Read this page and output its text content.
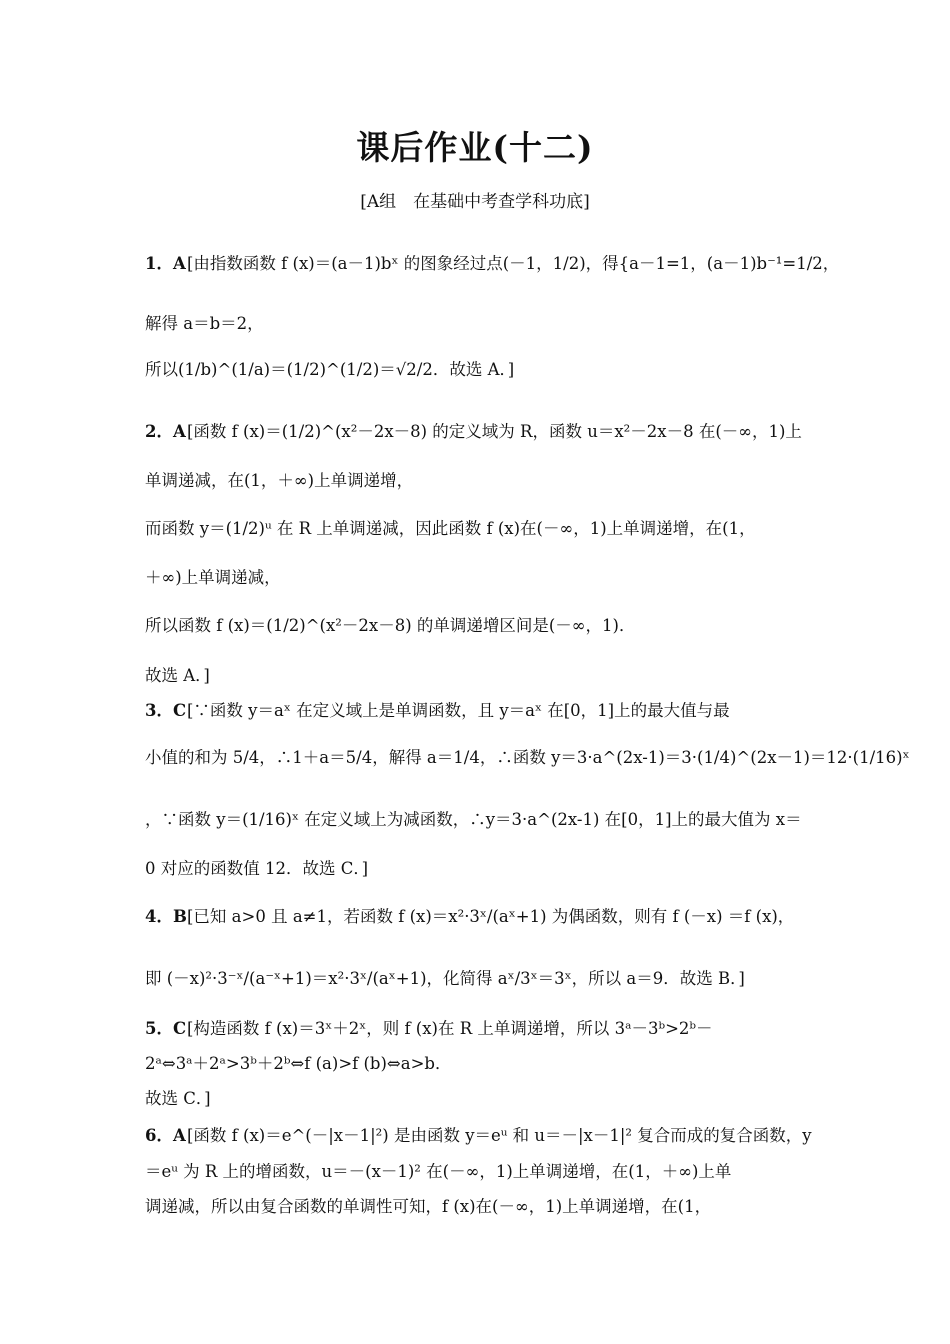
课后作业(十二)
[A组　在基础中考查学科功底]
1．A[由指数函数 f (x)＝(a－1)bˣ 的图象经过点(－1，1/2)，得{a－1=1，(a－1)b⁻¹=1/2，
解得 a＝b＝2，
所以(1/b)^(1/a)＝(1/2)^(1/2)＝√2/2．故选 A．]
2．A[函数 f (x)＝(1/2)^(x²－2x－8) 的定义域为 R，函数 u＝x²－2x－8 在(－∞，1)上
单调递减，在(1，＋∞)上单调递增，
而函数 y＝(1/2)ᵘ 在 R 上单调递减，因此函数 f (x)在(－∞，1)上单调递增，在(1，
＋∞)上单调递减，
所以函数 f (x)＝(1/2)^(x²－2x－8) 的单调递增区间是(－∞，1)．
故选 A．]
3．C[∵函数 y＝aˣ 在定义域上是单调函数，且 y＝aˣ 在[0，1]上的最大值与最
小值的和为 5/4，∴1＋a＝5/4，解得 a＝1/4，∴函数 y＝3·a^(2x-1)＝3·(1/4)^(2x－1)＝12·(1/16)ˣ
，∵函数 y＝(1/16)ˣ 在定义域上为减函数，∴y＝3·a^(2x-1) 在[0，1]上的最大值为 x＝
0 对应的函数值 12．故选 C．]
4．B[已知 a>0 且 a≠1，若函数 f (x)＝x²·3ˣ/(aˣ+1) 为偶函数，则有 f (－x) ＝f (x)，
即 (－x)²·3⁻ˣ/(a⁻ˣ+1)＝x²·3ˣ/(aˣ+1)，化简得 aˣ/3ˣ＝3ˣ，所以 a＝9．故选 B．]
5．C[构造函数 f (x)＝3ˣ＋2ˣ，则 f (x)在 R 上单调递增，所以 3ᵃ－3ᵇ>2ᵇ－
2ᵃ⇔3ᵃ＋2ᵃ>3ᵇ＋2ᵇ⇔f (a)>f (b)⇔a>b．
故选 C．]
6．A[函数 f (x)＝e^(－|x－1|²) 是由函数 y＝eᵘ 和 u＝－|x－1|² 复合而成的复合函数，y
＝eᵘ 为 R 上的增函数，u＝－(x－1)² 在(－∞，1)上单调递增，在(1，＋∞)上单
调递减，所以由复合函数的单调性可知，f (x)在(－∞，1)上单调递增，在(1，
